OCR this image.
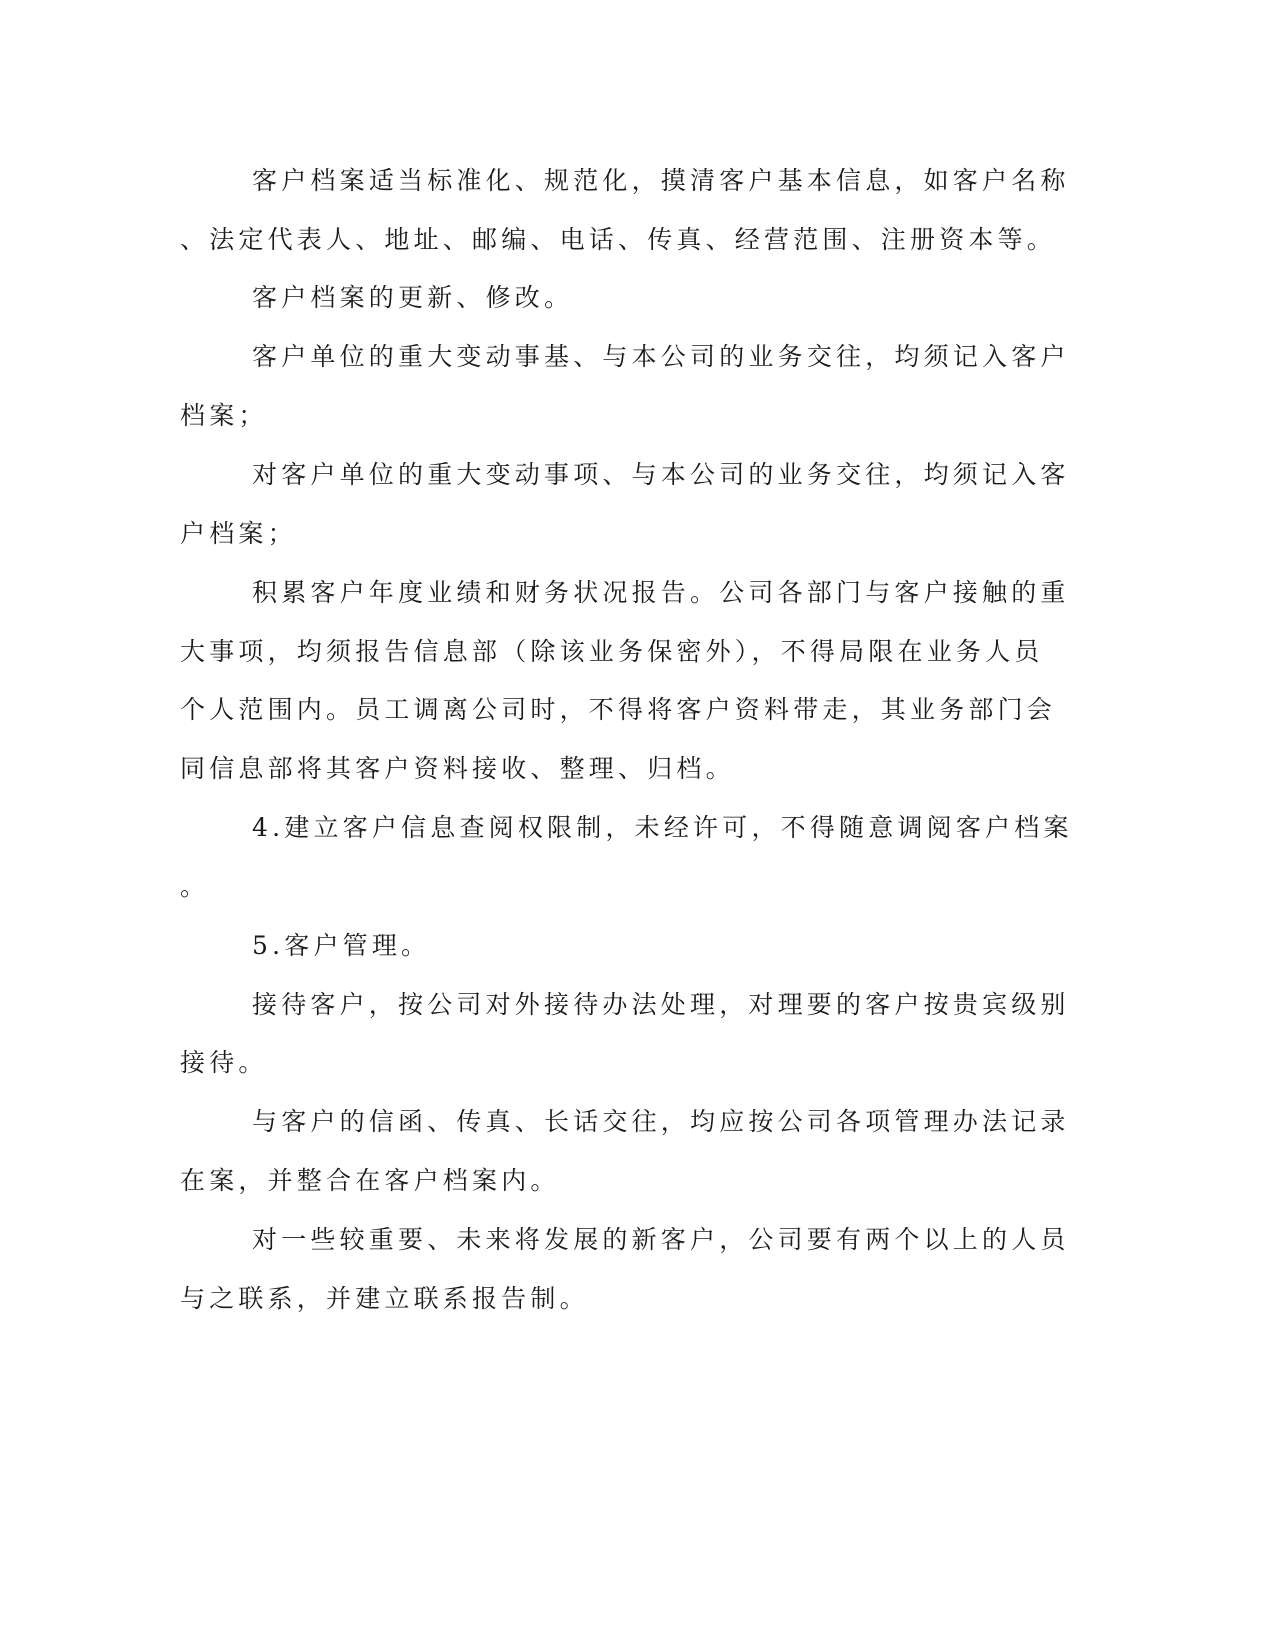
客户档案适当标准化、规范化，摸清客户基本信息，如客户名称
、法定代表人、地址、邮编、电话、传真、经营范围、注册资本等。
客户档案的更新、修改。
客户单位的重大变动事基、与本公司的业务交往，均须记入客户
档案；
对客户单位的重大变动事项、与本公司的业务交往，均须记入客
户档案；
积累客户年度业绩和财务状况报告。公司各部门与客户接触的重
大事项，均须报告信息部（除该业务保密外），不得局限在业务人员
个人范围内。员工调离公司时，不得将客户资料带走，其业务部门会
同信息部将其客户资料接收、整理、归档。
4.建立客户信息查阅权限制，未经许可，不得随意调阅客户档案
。
5.客户管理。
接待客户，按公司对外接待办法处理，对理要的客户按贵宾级别
接待。
与客户的信函、传真、长话交往，均应按公司各项管理办法记录
在案，并整合在客户档案内。
对一些较重要、未来将发展的新客户，公司要有两个以上的人员
与之联系，并建立联系报告制。
